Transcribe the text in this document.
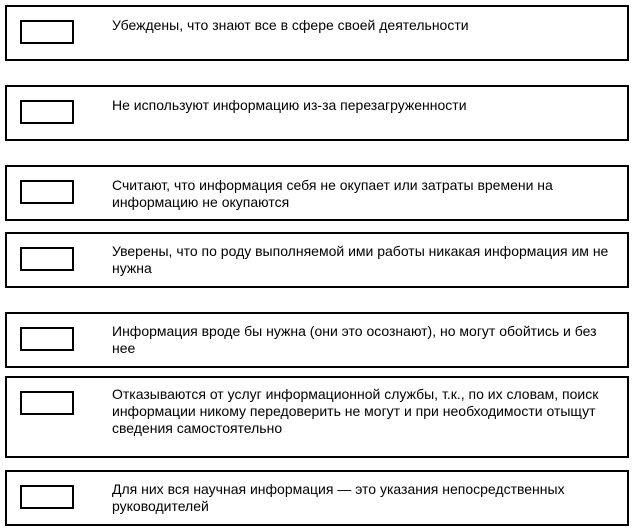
Убеждены, что знают все в сфере своей деятельности
Не используют информацию из-за перезагруженности
Считают, что информация себя не окупает или затраты времени на информацию не окупаются
Уверены, что по роду выполняемой ими работы никакая информация им не нужна
Информация вроде бы нужна (они это осознают), но могут обойтись и без нее
Отказываются от услуг информационной службы, т.к., по их словам, поиск информации никому передоверить не могут и при необходимости отыщут сведения самостоятельно
Для них вся научная информация — это указания непосредственных руководителей
